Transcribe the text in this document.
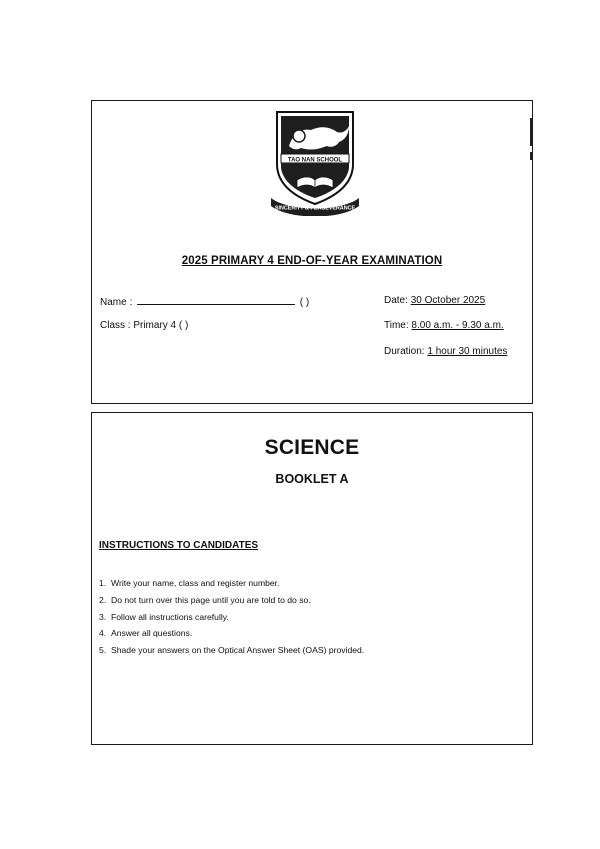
TAO NAN SCHOOL
SINCERITY & PERSEVERANCE
2025 PRIMARY 4 END-OF-YEAR EXAMINATION
Name :	( )	Date: 30 October 2025
Class : Primary 4 ( )	Time: 8.00 a.m. - 9.30 a.m.
Duration: 1 hour 30 minutes
SCIENCE
BOOKLET A
INSTRUCTIONS TO CANDIDATES
1. Write your name, class and register number.
2. Do not turn over this page until you are told to do so.
3. Follow all instructions carefully.
4. Answer all questions.
5. Shade your answers on the Optical Answer Sheet (OAS) provided.
